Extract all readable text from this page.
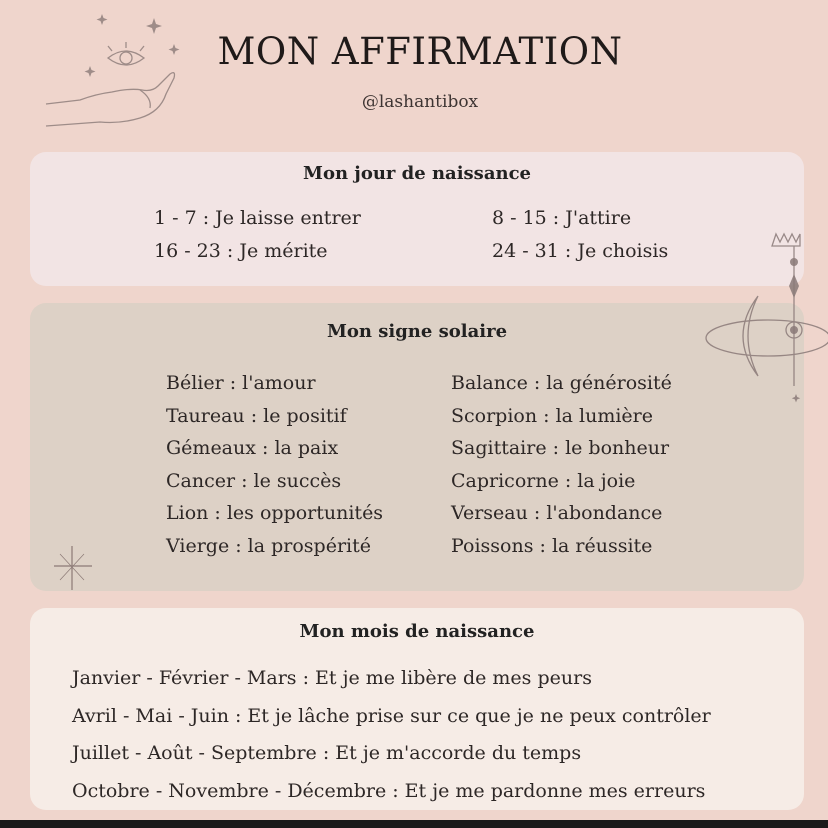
MON AFFIRMATION
@lashantibox
Mon jour de naissance
1 - 7 : Je laisse entrer	8 - 15 : J'attire
16 - 23 : Je mérite	24 - 31 : Je choisis
Mon signe solaire
Bélier : l'amour
Taureau : le positif
Gémeaux : la paix
Cancer : le succès
Lion : les opportunités
Vierge : la prospérité
Balance : la générosité
Scorpion : la lumière
Sagittaire : le bonheur
Capricorne : la joie
Verseau : l'abondance
Poissons : la réussite
Mon mois de naissance
Janvier - Février - Mars : Et je me libère de mes peurs
Avril - Mai - Juin : Et je lâche prise sur ce que je ne peux contrôler
Juillet - Août - Septembre : Et je m'accorde du temps
Octobre - Novembre - Décembre : Et je me pardonne mes erreurs
